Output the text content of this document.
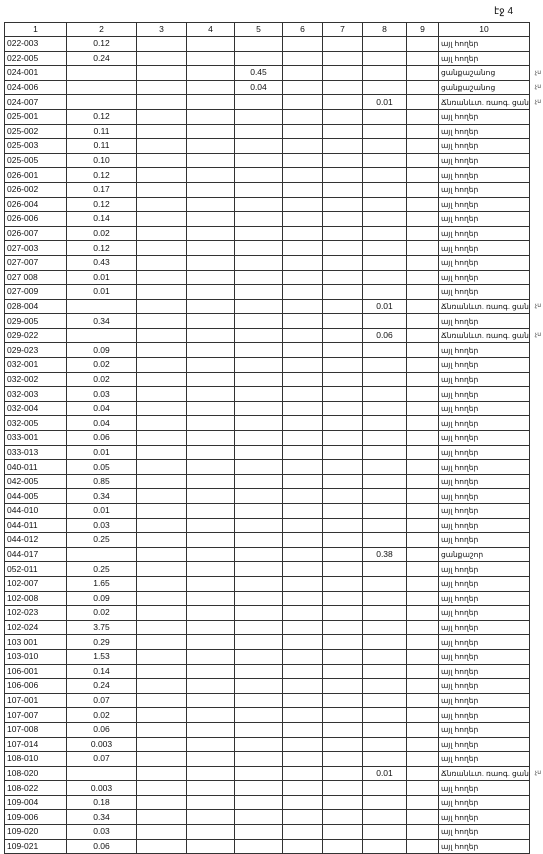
էջ 4
1	2	3	4	5	6	7	8	9	10
022-003	0.12								այլ հողեր
022-005	0.24								այլ հողեր
024-001				0.45					ցանքաշանոց
024-006				0.04					ցանքաշանոց
024-007							0.01		Ճնռանևտ. ռաոգ. ցան
025-001	0.12								այլ հողեր
025-002	0.11								այլ հողեր
025-003	0.11								այլ հողեր
025-005	0.10								այլ հողեր
026-001	0.12								այլ հողեր
026-002	0.17								այլ հողեր
026-004	0.12								այլ հողեր
026-006	0.14								այլ հողեր
026-007	0.02								այլ հողեր
027-003	0.12								այլ հողեր
027-007	0.43								այլ հողեր
027 008	0.01								այլ հողեր
027-009	0.01								այլ հողեր
028-004							0.01		Ճնռանևտ. ռաոգ. ցան
029-005	0.34								այլ հողեր
029-022							0.06		Ճնռանևտ. ռաոգ. ցան
029-023	0.09								այլ հողեր
032-001	0.02								այլ հողեր
032-002	0.02								այլ հողեր
032-003	0.03								այլ հողեր
032-004	0.04								այլ հողեր
032-005	0.04								այլ հողեր
033-001	0.06								այլ հողեր
033-013	0.01								այլ հողեր
040-011	0.05								այլ հողեր
042-005	0.85								այլ հողեր
044-005	0.34								այլ հողեր
044-010	0.01								այլ հողեր
044-011	0.03								այլ հողեր
044-012	0.25								այլ հողեր
044-017							0.38		ցանքաշոր
052-011	0.25								այլ հողեր
102-007	1.65								այլ հողեր
102-008	0.09								այլ հողեր
102-023	0.02								այլ հողեր
102-024	3.75								այլ հողեր
103 001	0.29								այլ հողեր
103-010	1.53								այլ հողեր
106-001	0.14								այլ հողեր
106-006	0.24								այլ հողեր
107-001	0.07								այլ հողեր
107-007	0.02								այլ հողեր
107-008	0.06								այլ հողեր
107-014	0.003								այլ հողեր
108-010	0.07								այլ հողեր
108-020							0.01		Ճնռանևտ. ռաոգ. ցան
108-022	0.003								այլ հողեր
109-004	0.18								այլ հողեր
109-006	0.34								այլ հողեր
109-020	0.03								այլ հողեր
109-021	0.06								այլ հողեր
չս
չս
չս
չս
չս
չս
